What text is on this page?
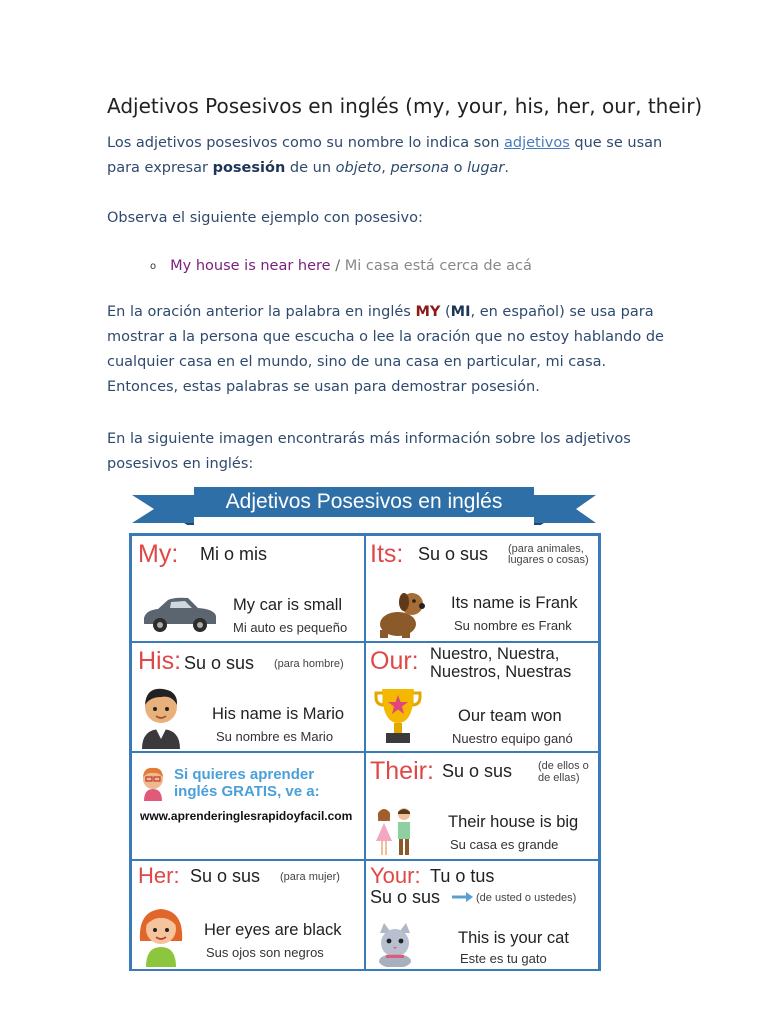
Adjetivos Posesivos en inglés (my, your, his, her, our, their)
Los adjetivos posesivos como su nombre lo indica son adjetivos que se usan para expresar posesión de un objeto, persona o lugar.
Observa el siguiente ejemplo con posesivo:
o My house is near here / Mi casa está cerca de acá
En la oración anterior la palabra en inglés MY (MI, en español) se usa para mostrar a la persona que escucha o lee la oración que no estoy hablando de cualquier casa en el mundo, sino de una casa en particular, mi casa. Entonces, estas palabras se usan para demostrar posesión.
En la siguiente imagen encontrarás más información sobre los adjetivos posesivos en inglés:
Adjetivos Posesivos en inglés
My: Mi o mis
My car is small
Mi auto es pequeño
Its: Su o sus (para animales, lugares o cosas)
Its name is Frank
Su nombre es Frank
His: Su o sus (para hombre)
His name is Mario
Su nombre es Mario
Our: Nuestro, Nuestra,
Nuestros, Nuestras
Our team won
Nuestro equipo ganó
Si quieres aprender
inglés GRATIS, ve a:
www.aprenderinglesrapidoyfacil.com
Their: Su o sus (de ellos o
de ellas)
Their house is big
Su casa es grande
Her: Su o sus (para mujer)
Her eyes are black
Sus ojos son negros
Your: Tu o tus
Su o sus	(de usted o ustedes)
This is your cat
Este es tu gato
